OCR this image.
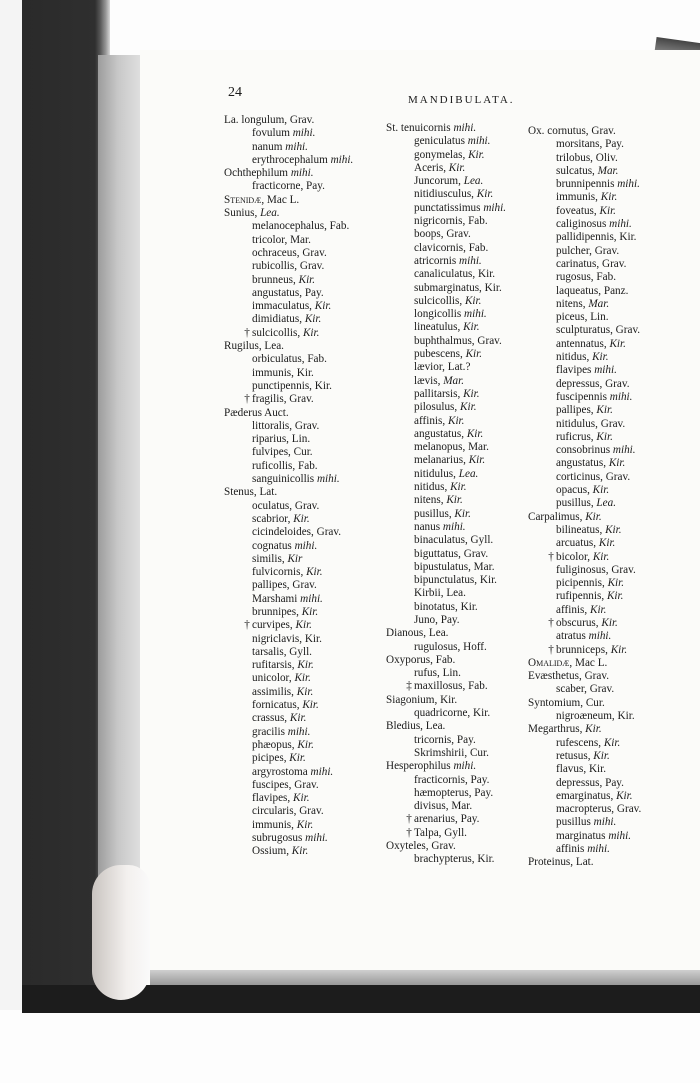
24	MANDIBULATA.
La. longulum, Grav.
fovulum mihi.
nanum mihi.
erythrocephalum mihi.
Ochthephilum mihi.
fracticorne, Pay.
Stenidæ, Mac L.
Sunius, Lea.
melanocephalus, Fab.
tricolor, Mar.
ochraceus, Grav.
rubicollis, Grav.
brunneus, Kir.
angustatus, Pay.
immaculatus, Kir.
dimidiatus, Kir.
† sulcicollis, Kir.
Rugilus, Lea.
orbiculatus, Fab.
immunis, Kir.
punctipennis, Kir.
† fragilis, Grav.
Pæderus Auct.
littoralis, Grav.
riparius, Lin.
fulvipes, Cur.
ruficollis, Fab.
sanguinicollis mihi.
Stenus, Lat.
oculatus, Grav.
scabrior, Kir.
cicindeloides, Grav.
cognatus mihi.
similis, Kir
fulvicornis, Kir.
pallipes, Grav.
Marshami mihi.
brunnipes, Kir.
† curvipes, Kir.
nigriclavis, Kir.
tarsalis, Gyll.
rufitarsis, Kir.
unicolor, Kir.
assimilis, Kir.
fornicatus, Kir.
crassus, Kir.
gracilis mihi.
phæopus, Kir.
picipes, Kir.
argyrostoma mihi.
fuscipes, Grav.
flavipes, Kir.
circularis, Grav.
immunis, Kir.
subrugosus mihi.
Ossium, Kir.
St. tenuicornis mihi.
geniculatus mihi.
gonymelas, Kir.
Aceris, Kir.
Juncorum, Lea.
nitidiusculus, Kir.
punctatissimus mihi.
nigricornis, Fab.
boops, Grav.
clavicornis, Fab.
atricornis mihi.
canaliculatus, Kir.
submarginatus, Kir.
sulcicollis, Kir.
longicollis mihi.
lineatulus, Kir.
buphthalmus, Grav.
pubescens, Kir.
lævior, Lat.?
lævis, Mar.
pallitarsis, Kir.
pilosulus, Kir.
affinis, Kir.
angustatus, Kir.
melanopus, Mar.
melanarius, Kir.
nitidulus, Lea.
nitidus, Kir.
nitens, Kir.
pusillus, Kir.
nanus mihi.
binaculatus, Gyll.
biguttatus, Grav.
bipustulatus, Mar.
bipunctulatus, Kir.
Kirbii, Lea.
binotatus, Kir.
Juno, Pay.
Dianous, Lea.
rugulosus, Hoff.
Oxyporus, Fab.
rufus, Lin.
‡ maxillosus, Fab.
Siagonium, Kir.
quadricorne, Kir.
Bledius, Lea.
tricornis, Pay.
Skrimshirii, Cur.
Hesperophilus mihi.
fracticornis, Pay.
hæmopterus, Pay.
divisus, Mar.
† arenarius, Pay.
† Talpa, Gyll.
Oxyteles, Grav.
brachypterus, Kir.
Ox. cornutus, Grav.
morsitans, Pay.
trilobus, Oliv.
sulcatus, Mar.
brunnipennis mihi.
immunis, Kir.
foveatus, Kir.
caliginosus mihi.
pallidipennis, Kir.
pulcher, Grav.
carinatus, Grav.
rugosus, Fab.
laqueatus, Panz.
nitens, Mar.
piceus, Lin.
sculpturatus, Grav.
antennatus, Kir.
nitidus, Kir.
flavipes mihi.
depressus, Grav.
fuscipennis mihi.
pallipes, Kir.
nitidulus, Grav.
ruficrus, Kir.
consobrinus mihi.
angustatus, Kir.
corticinus, Grav.
opacus, Kir.
pusillus, Lea.
Carpalimus, Kir.
bilineatus, Kir.
arcuatus, Kir.
† bicolor, Kir.
fuliginosus, Grav.
picipennis, Kir.
rufipennis, Kir.
affinis, Kir.
† obscurus, Kir.
atratus mihi.
† brunniceps, Kir.
Omalidæ, Mac L.
Evæsthetus, Grav.
scaber, Grav.
Syntomium, Cur.
nigroæneum, Kir.
Megarthrus, Kir.
rufescens, Kir.
retusus, Kir.
flavus, Kir.
depressus, Pay.
emarginatus, Kir.
macropterus, Grav.
pusillus mihi.
marginatus mihi.
affinis mihi.
Proteinus, Lat.
